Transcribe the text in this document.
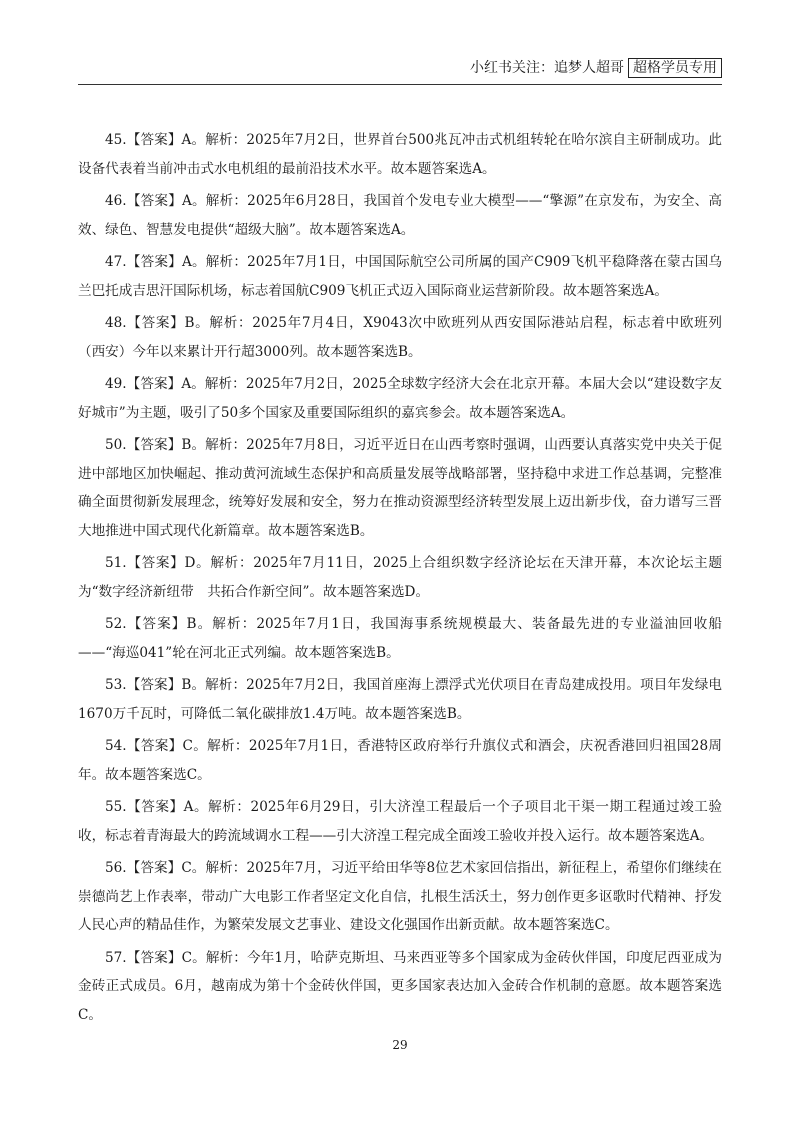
小红书关注：追梦人超哥 超格学员专用

45.【答案】A。解析：2025年7月2日，世界首台500兆瓦冲击式机组转轮在哈尔滨自主研制成功。此设备代表着当前冲击式水电机组的最前沿技术水平。故本题答案选A。

46.【答案】A。解析：2025年6月28日，我国首个发电专业大模型——“擎源”在京发布，为安全、高效、绿色、智慧发电提供“超级大脑”。故本题答案选A。

47.【答案】A。解析：2025年7月1日，中国国际航空公司所属的国产C909飞机平稳降落在蒙古国乌兰巴托成吉思汗国际机场，标志着国航C909飞机正式迈入国际商业运营新阶段。故本题答案选A。

48.【答案】B。解析：2025年7月4日，X9043次中欧班列从西安国际港站启程，标志着中欧班列（西安）今年以来累计开行超3000列。故本题答案选B。

49.【答案】A。解析：2025年7月2日，2025全球数字经济大会在北京开幕。本届大会以“建设数字友好城市”为主题，吸引了50多个国家及重要国际组织的嘉宾参会。故本题答案选A。

50.【答案】B。解析：2025年7月8日，习近平近日在山西考察时强调，山西要认真落实党中央关于促进中部地区加快崛起、推动黄河流域生态保护和高质量发展等战略部署，坚持稳中求进工作总基调，完整准确全面贯彻新发展理念，统筹好发展和安全，努力在推动资源型经济转型发展上迈出新步伐，奋力谱写三晋大地推进中国式现代化新篇章。故本题答案选B。

51.【答案】D。解析：2025年7月11日，2025上合组织数字经济论坛在天津开幕，本次论坛主题为“数字经济新纽带　共拓合作新空间”。故本题答案选D。

52.【答案】B。解析：2025年7月1日，我国海事系统规模最大、装备最先进的专业溢油回收船——“海巡041”轮在河北正式列编。故本题答案选B。

53.【答案】B。解析：2025年7月2日，我国首座海上漂浮式光伏项目在青岛建成投用。项目年发绿电1670万千瓦时，可降低二氧化碳排放1.4万吨。故本题答案选B。

54.【答案】C。解析：2025年7月1日，香港特区政府举行升旗仪式和酒会，庆祝香港回归祖国28周年。故本题答案选C。

55.【答案】A。解析：2025年6月29日，引大济湟工程最后一个子项目北干渠一期工程通过竣工验收，标志着青海最大的跨流域调水工程——引大济湟工程完成全面竣工验收并投入运行。故本题答案选A。

56.【答案】C。解析：2025年7月，习近平给田华等8位艺术家回信指出，新征程上，希望你们继续在崇德尚艺上作表率，带动广大电影工作者坚定文化自信，扎根生活沃土，努力创作更多讴歌时代精神、抒发人民心声的精品佳作，为繁荣发展文艺事业、建设文化强国作出新贡献。故本题答案选C。

57.【答案】C。解析：今年1月，哈萨克斯坦、马来西亚等多个国家成为金砖伙伴国，印度尼西亚成为金砖正式成员。6月，越南成为第十个金砖伙伴国，更多国家表达加入金砖合作机制的意愿。故本题答案选C。

29
